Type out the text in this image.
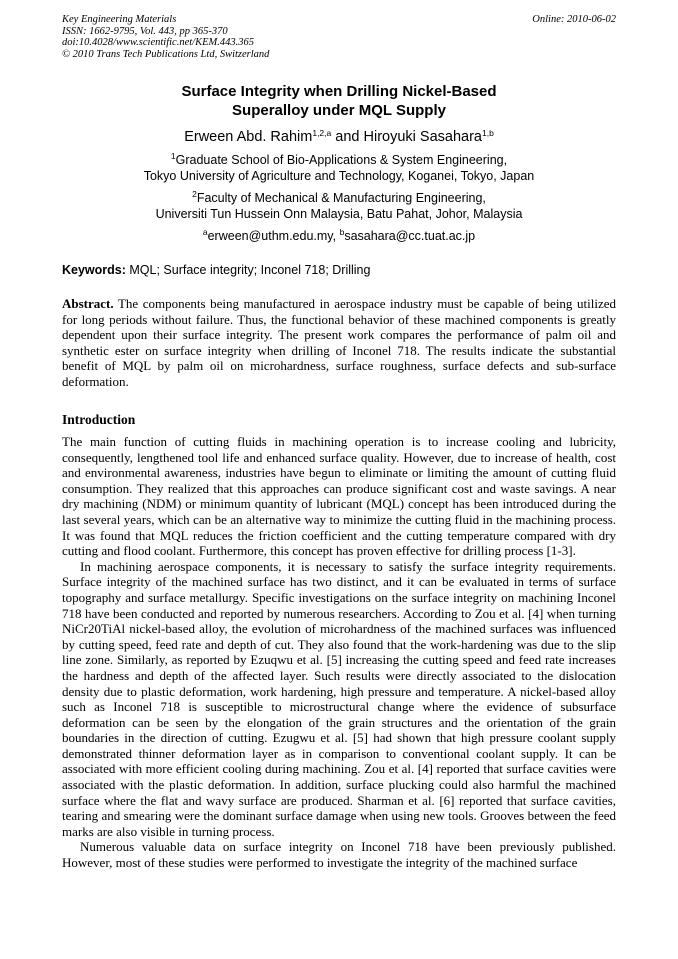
Key Engineering Materials
ISSN: 1662-9795, Vol. 443, pp 365-370
doi:10.4028/www.scientific.net/KEM.443.365
© 2010 Trans Tech Publications Ltd, Switzerland
Online: 2010-06-02
Surface Integrity when Drilling Nickel-Based
Superalloy under MQL Supply
Erween Abd. Rahim$^{1,2,a}$ and Hiroyuki Sasahara$^{1,b}$
$^1$Graduate School of Bio-Applications & System Engineering,
Tokyo University of Agriculture and Technology, Koganei, Tokyo, Japan
$^2$Faculty of Mechanical & Manufacturing Engineering,
Universiti Tun Hussein Onn Malaysia, Batu Pahat, Johor, Malaysia
$^a$erween@uthm.edu.my, $^b$sasahara@cc.tuat.ac.jp
Keywords: MQL; Surface integrity; Inconel 718; Drilling
Abstract. The components being manufactured in aerospace industry must be capable of being utilized for long periods without failure. Thus, the functional behavior of these machined components is greatly dependent upon their surface integrity. The present work compares the performance of palm oil and synthetic ester on surface integrity when drilling of Inconel 718. The results indicate the substantial benefit of MQL by palm oil on microhardness, surface roughness, surface defects and sub-surface deformation.
Introduction

The main function of cutting fluids in machining operation is to increase cooling and lubricity, consequently, lengthened tool life and enhanced surface quality. However, due to increase of health, cost and environmental awareness, industries have begun to eliminate or limiting the amount of cutting fluid consumption. They realized that this approaches can produce significant cost and waste savings. A near dry machining (NDM) or minimum quantity of lubricant (MQL) concept has been introduced during the last several years, which can be an alternative way to minimize the cutting fluid in the machining process. It was found that MQL reduces the friction coefficient and the cutting temperature compared with dry cutting and flood coolant. Furthermore, this concept has proven effective for drilling process [1-3].

In machining aerospace components, it is necessary to satisfy the surface integrity requirements. Surface integrity of the machined surface has two distinct, and it can be evaluated in terms of surface topography and surface metallurgy. Specific investigations on the surface integrity on machining Inconel 718 have been conducted and reported by numerous researchers. According to Zou et al. [4] when turning NiCr20TiAl nickel-based alloy, the evolution of microhardness of the machined surfaces was influenced by cutting speed, feed rate and depth of cut. They also found that the work-hardening was due to the slip line zone. Similarly, as reported by Ezuqwu et al. [5] increasing the cutting speed and feed rate increases the hardness and depth of the affected layer. Such results were directly associated to the dislocation density due to plastic deformation, work hardening, high pressure and temperature. A nickel-based alloy such as Inconel 718 is susceptible to microstructural change where the evidence of subsurface deformation can be seen by the elongation of the grain structures and the orientation of the grain boundaries in the direction of cutting. Ezugwu et al. [5] had shown that high pressure coolant supply demonstrated thinner deformation layer as in comparison to conventional coolant supply. It can be associated with more efficient cooling during machining. Zou et al. [4] reported that surface cavities were associated with the plastic deformation. In addition, surface plucking could also harmful the machined surface where the flat and wavy surface are produced. Sharman et al. [6] reported that surface cavities, tearing and smearing were the dominant surface damage when using new tools. Grooves between the feed marks are also visible in turning process.

Numerous valuable data on surface integrity on Inconel 718 have been previously published. However, most of these studies were performed to investigate the integrity of the machined surface
